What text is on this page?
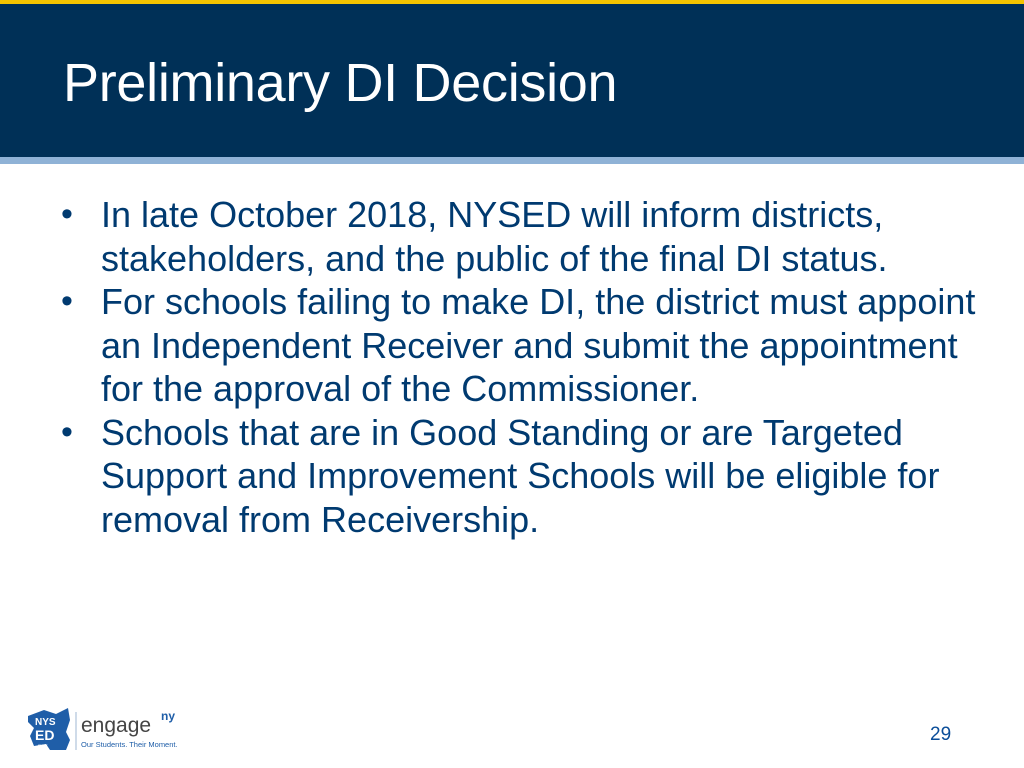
Preliminary DI Decision
• In late October 2018, NYSED will inform districts, stakeholders, and the public of the final DI status.
• For schools failing to make DI, the district must appoint an Independent Receiver and submit the appointment for the approval of the Commissioner.
• Schools that are in Good Standing or are Targeted Support and Improvement Schools will be eligible for removal from Receivership.
NYS
ED
.gov
engage ny
Our Students. Their Moment.	29
